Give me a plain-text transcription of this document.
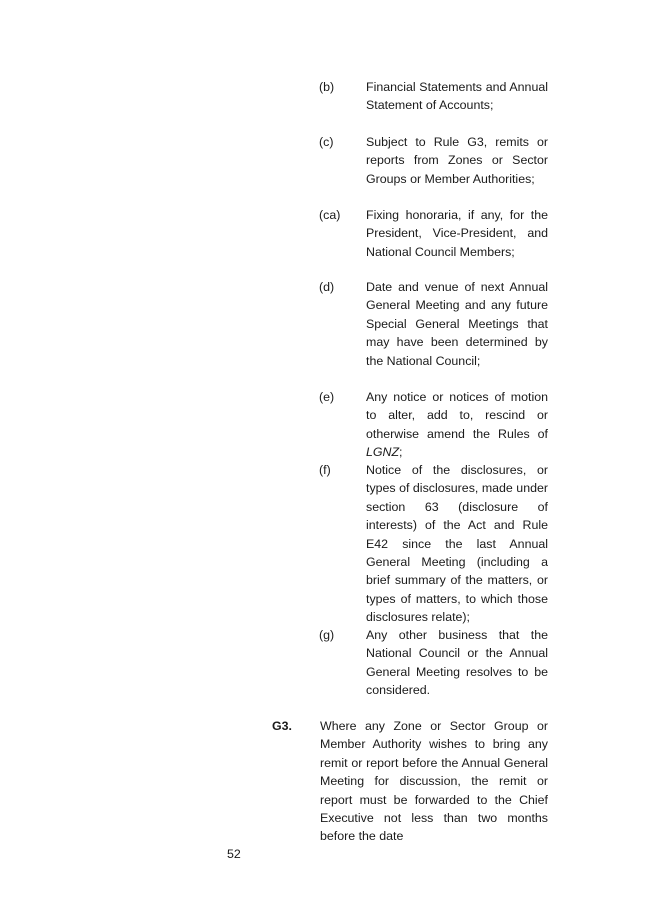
(b)	Financial Statements and Annual Statement of Accounts;
(c)	Subject to Rule G3, remits or reports from Zones or Sector Groups or Member Authorities;
(ca) Fixing honoraria, if any, for the President, Vice-President, and National Council Members;
(d)	Date and venue of next Annual General Meeting and any future Special General Meetings that may have been determined by the National Council;
(e)	Any notice or notices of motion to alter, add to, rescind or otherwise amend the Rules of LGNZ;
(f)	Notice of the disclosures, or types of disclosures, made under section 63 (disclosure of interests) of the Act and Rule E42 since the last Annual General Meeting (including a brief summary of the matters, or types of matters, to which those disclosures relate);
(g)	Any other business that the National Council or the Annual General Meeting resolves to be considered.
G3. Where any Zone or Sector Group or Member Authority wishes to bring any remit or report before the Annual General Meeting for discussion, the remit or report must be forwarded to the Chief Executive not less than two months before the date
52
